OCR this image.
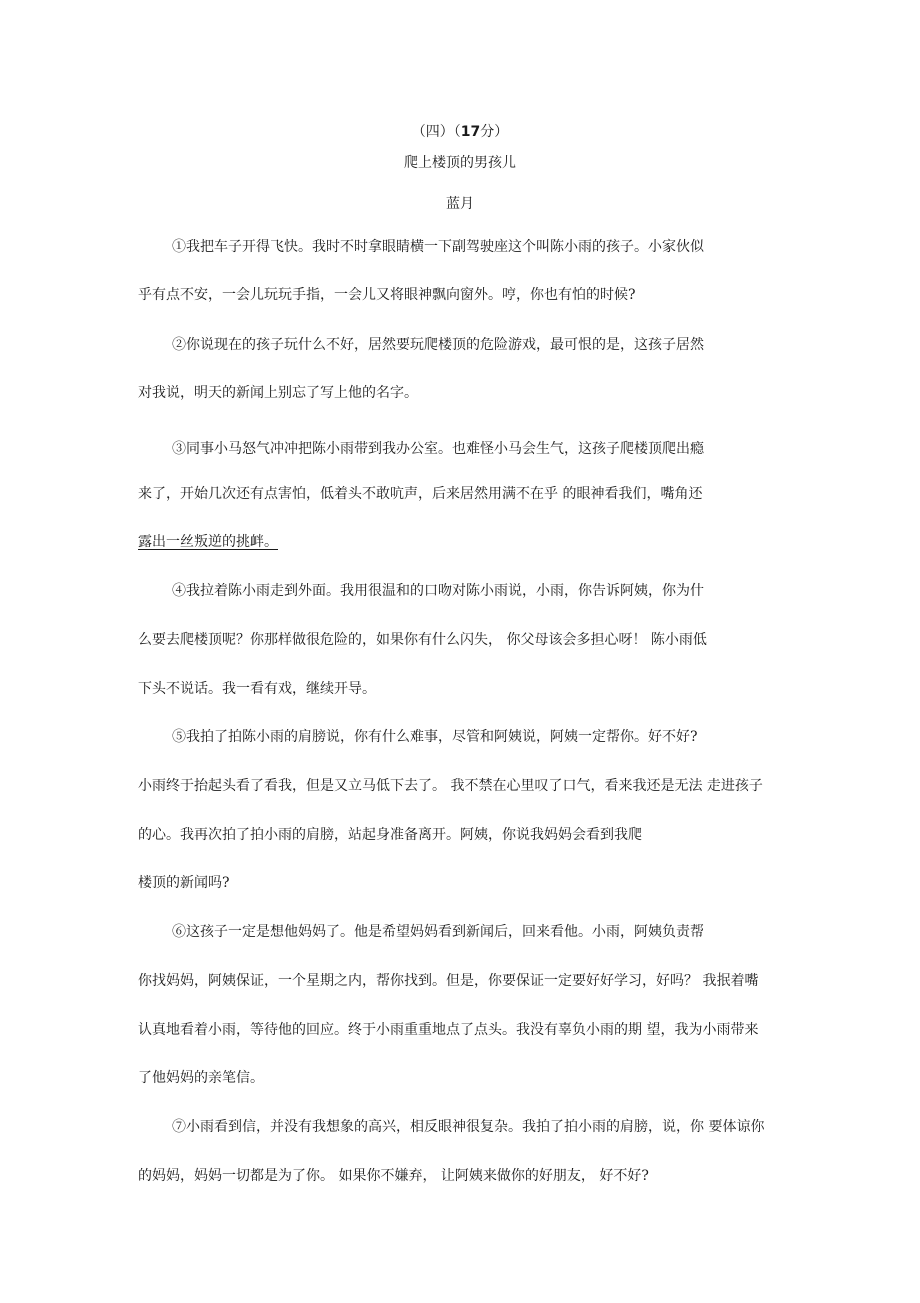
（四）（17分）
爬上楼顶的男孩儿
蓝月
①我把车子开得飞快。我时不时拿眼睛横一下副驾驶座这个叫陈小雨的孩子。小家伙似
乎有点不安，一会儿玩玩手指，一会儿又将眼神飘向窗外。哼，你也有怕的时候?
②你说现在的孩子玩什么不好，居然要玩爬楼顶的危险游戏，最可恨的是，这孩子居然
对我说，明天的新闻上别忘了写上他的名字。
③同事小马怒气冲冲把陈小雨带到我办公室。也难怪小马会生气，这孩子爬楼顶爬出瘾
来了，开始几次还有点害怕，低着头不敢吭声，后来居然用满不在乎 的眼神看我们，嘴角还
露出一丝叛逆的挑衅。
④我拉着陈小雨走到外面。我用很温和的口吻对陈小雨说，小雨，你告诉阿姨，你为什
么要去爬楼顶呢？你那样做很危险的，如果你有什么闪失， 你父母该会多担心呀！ 陈小雨低
下头不说话。我一看有戏，继续开导。
⑤我拍了拍陈小雨的肩膀说，你有什么难事，尽管和阿姨说，阿姨一定帮你。好不好?
小雨终于抬起头看了看我，但是又立马低下去了。 我不禁在心里叹了口气，看来我还是无法 走进孩子
的心。我再次拍了拍小雨的肩膀，站起身准备离开。阿姨，你说我妈妈会看到我爬
楼顶的新闻吗?
⑥这孩子一定是想他妈妈了。他是希望妈妈看到新闻后，回来看他。小雨，阿姨负责帮
你找妈妈，阿姨保证，一个星期之内，帮你找到。但是，你要保证一定要好好学习，好吗？ 我抿着嘴
认真地看着小雨，等待他的回应。终于小雨重重地点了点头。我没有辜负小雨的期 望，我为小雨带来
了他妈妈的亲笔信。
⑦小雨看到信，并没有我想象的高兴，相反眼神很复杂。我拍了拍小雨的肩膀，说，你 要体谅你
的妈妈，妈妈一切都是为了你。 如果你不嫌弃， 让阿姨来做你的好朋友， 好不好?
